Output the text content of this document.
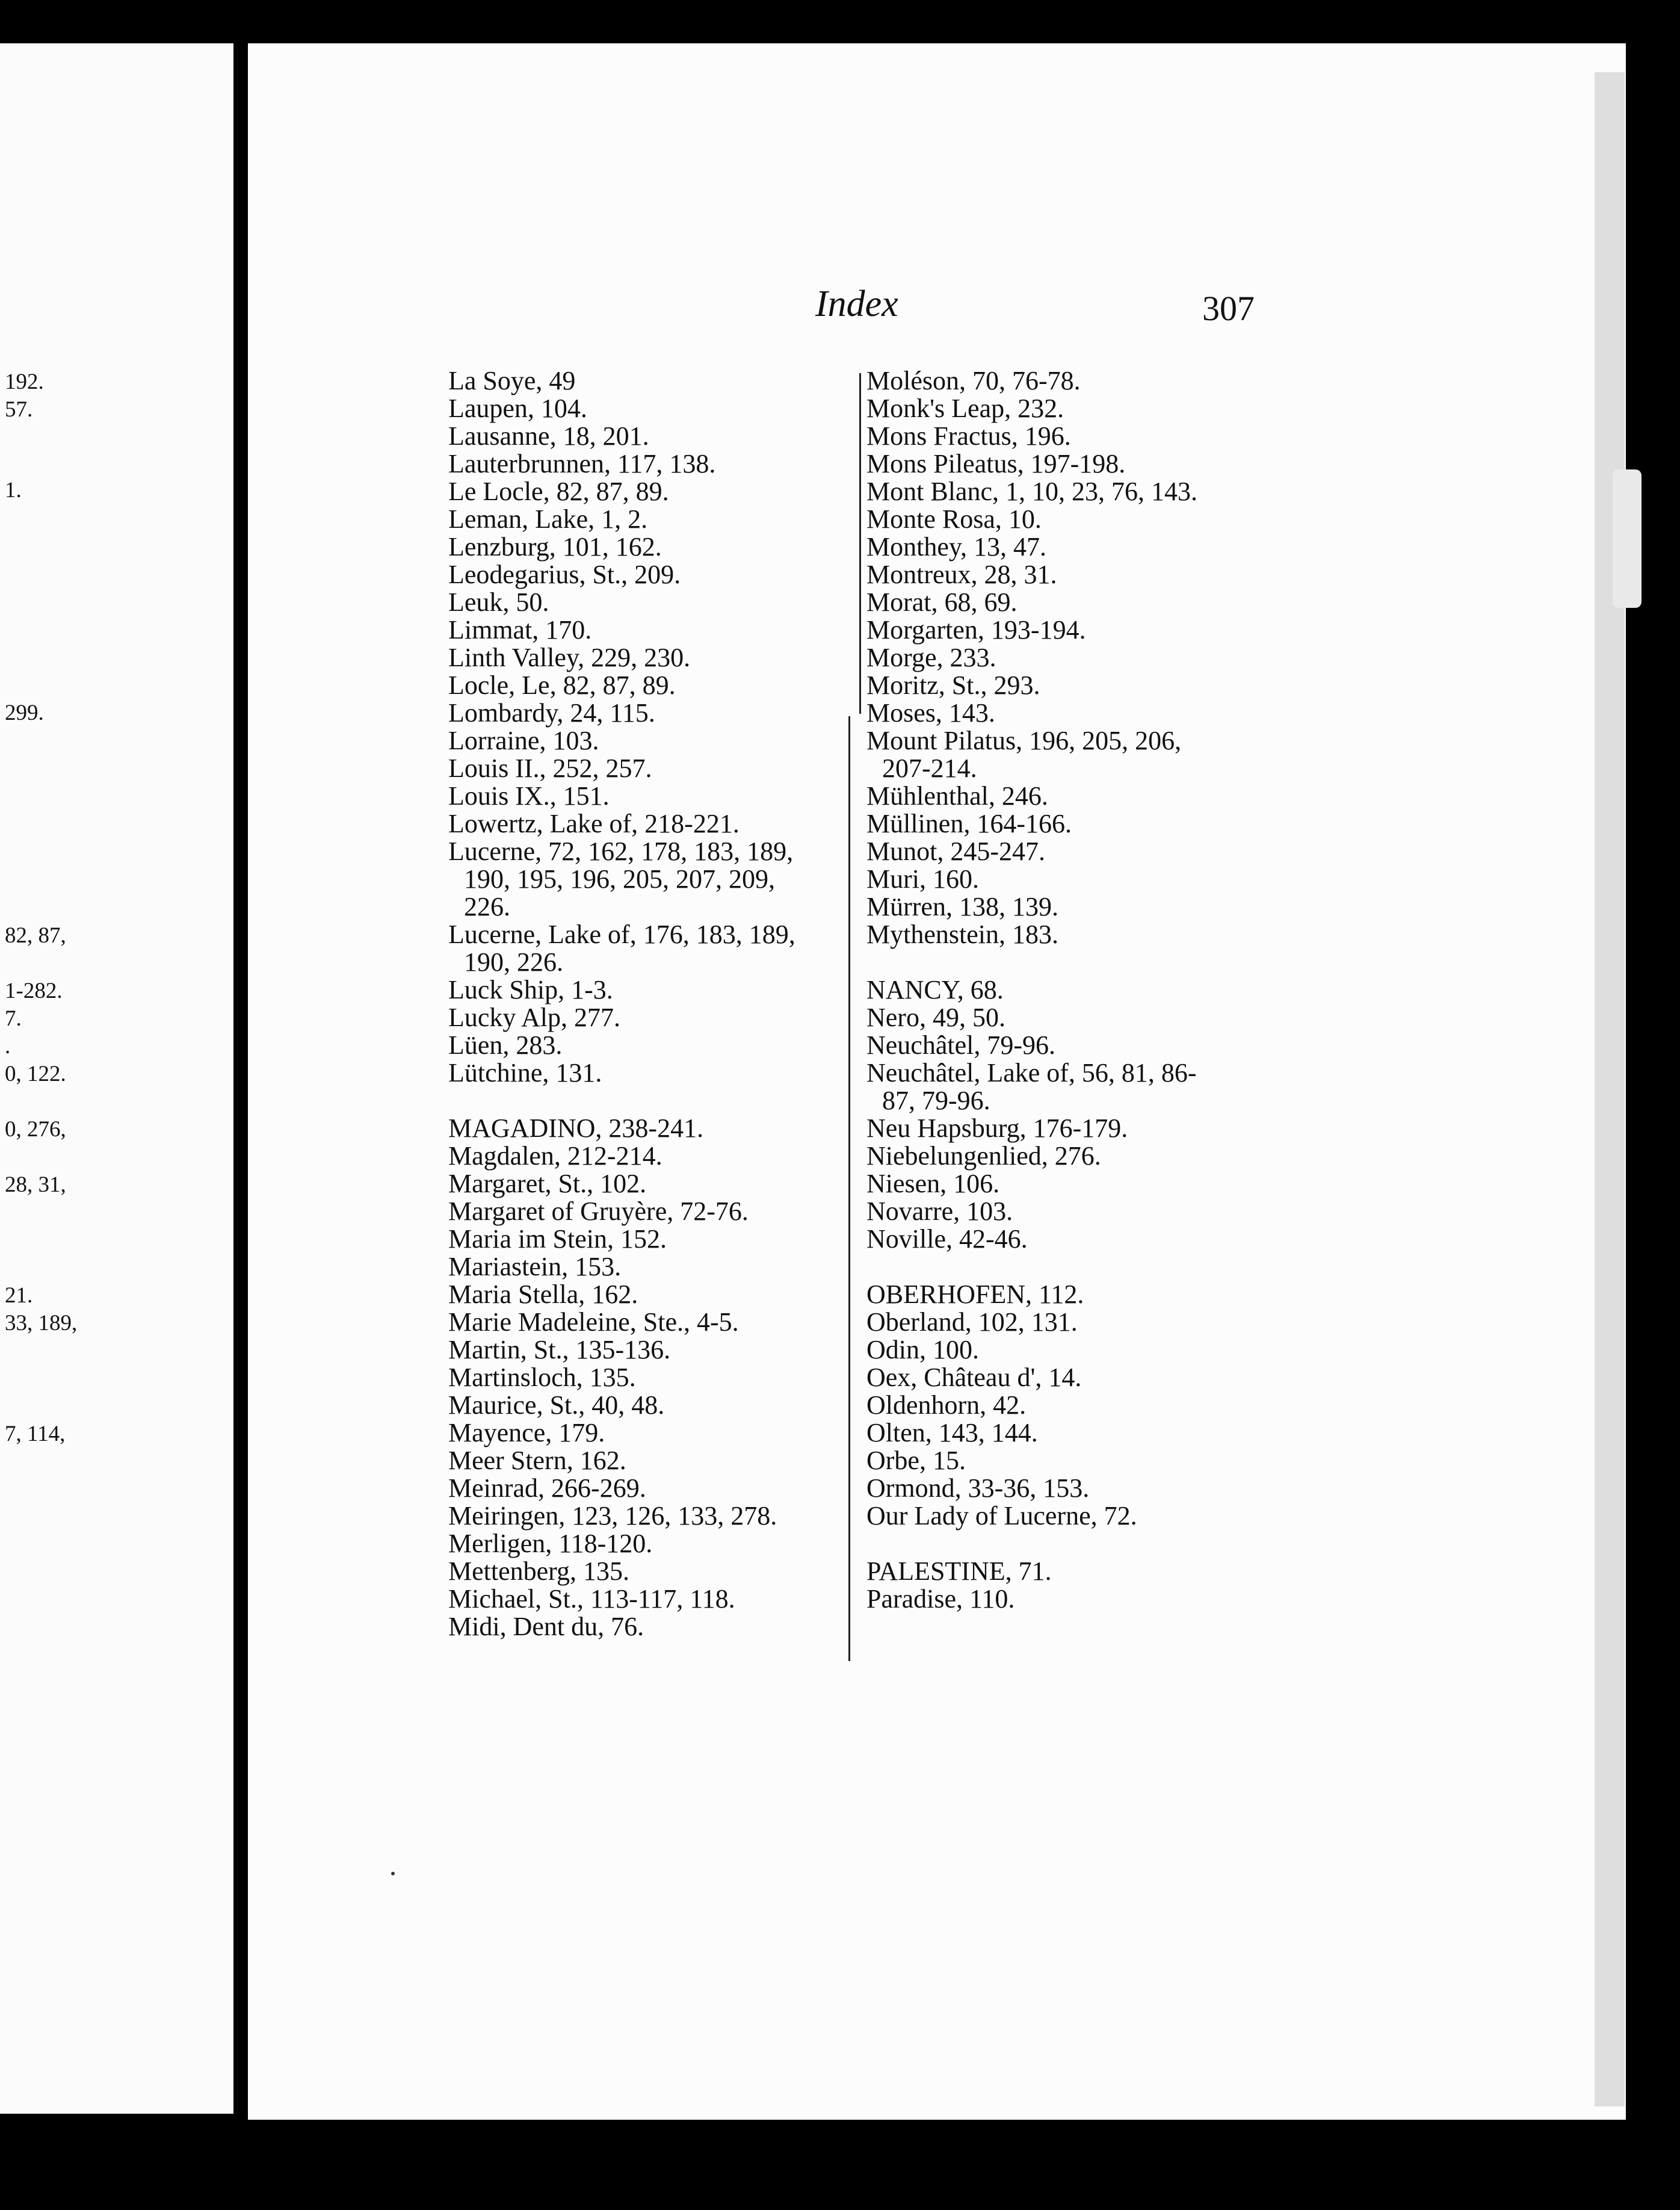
192.
57.
1.
299.
82, 87,
1-282.
7.
.
0, 122.
0, 276,
28, 31,
21.
33, 189,
7, 114,
Index	307
La Soye, 49
Laupen, 104.
Lausanne, 18, 201.
Lauterbrunnen, 117, 138.
Le Locle, 82, 87, 89.
Leman, Lake, 1, 2.
Lenzburg, 101, 162.
Leodegarius, St., 209.
Leuk, 50.
Limmat, 170.
Linth Valley, 229, 230.
Locle, Le, 82, 87, 89.
Lombardy, 24, 115.
Lorraine, 103.
Louis II., 252, 257.
Louis IX., 151.
Lowertz, Lake of, 218-221.
Lucerne, 72, 162, 178, 183, 189,
190, 195, 196, 205, 207, 209,
226.
Lucerne, Lake of, 176, 183, 189,
190, 226.
Luck Ship, 1-3.
Lucky Alp, 277.
Lüen, 283.
Lütchine, 131.
MAGADINO, 238-241.
Magdalen, 212-214.
Margaret, St., 102.
Margaret of Gruyère, 72-76.
Maria im Stein, 152.
Mariastein, 153.
Maria Stella, 162.
Marie Madeleine, Ste., 4-5.
Martin, St., 135-136.
Martinsloch, 135.
Maurice, St., 40, 48.
Mayence, 179.
Meer Stern, 162.
Meinrad, 266-269.
Meiringen, 123, 126, 133, 278.
Merligen, 118-120.
Mettenberg, 135.
Michael, St., 113-117, 118.
Midi, Dent du, 76.
Moléson, 70, 76-78.
Monk's Leap, 232.
Mons Fractus, 196.
Mons Pileatus, 197-198.
Mont Blanc, 1, 10, 23, 76, 143.
Monte Rosa, 10.
Monthey, 13, 47.
Montreux, 28, 31.
Morat, 68, 69.
Morgarten, 193-194.
Morge, 233.
Moritz, St., 293.
Moses, 143.
Mount Pilatus, 196, 205, 206,
207-214.
Mühlenthal, 246.
Müllinen, 164-166.
Munot, 245-247.
Muri, 160.
Mürren, 138, 139.
Mythenstein, 183.
NANCY, 68.
Nero, 49, 50.
Neuchâtel, 79-96.
Neuchâtel, Lake of, 56, 81, 86-
87, 79-96.
Neu Hapsburg, 176-179.
Niebelungenlied, 276.
Niesen, 106.
Novarre, 103.
Noville, 42-46.
OBERHOFEN, 112.
Oberland, 102, 131.
Odin, 100.
Oex, Château d', 14.
Oldenhorn, 42.
Olten, 143, 144.
Orbe, 15.
Ormond, 33-36, 153.
Our Lady of Lucerne, 72.
PALESTINE, 71.
Paradise, 110.
